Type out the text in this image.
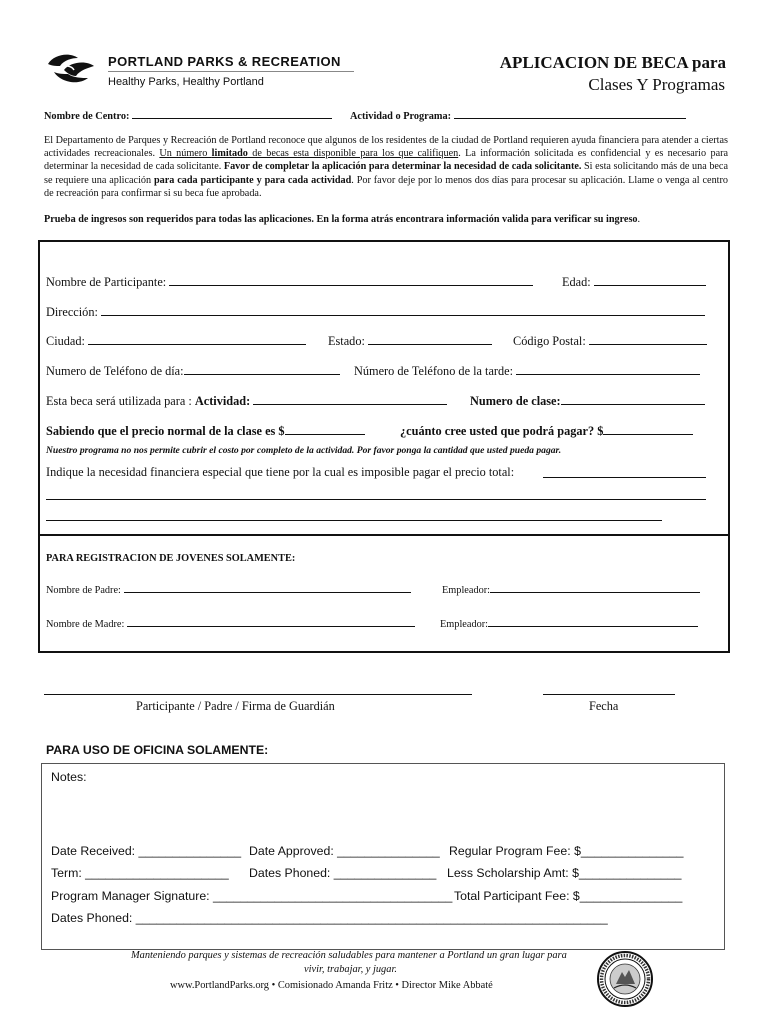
PORTLAND PARKS & RECREATION
Healthy Parks, Healthy Portland
APLICACION DE BECA para
Clases Y Programas
Nombre de Centro:	Actividad o Programa:
El Departamento de Parques y Recreación de Portland reconoce que algunos de los residentes de la ciudad de Portland requieren ayuda financiera para atender a ciertas actividades recreacionales. Un número limitado de becas esta disponible para los que califiquen. La información solicitada es confidencial y es necesario para determinar la necesidad de cada solicitante. Favor de completar la aplicación para determinar la necesidad de cada solicitante. Si esta solicitando más de una beca se requiere una aplicación para cada participante y para cada actividad. Por favor deje por lo menos dos días para procesar su aplicación. Llame o venga al centro de recreación para confirmar si su beca fue aprobada.
Prueba de ingresos son requeridos para todas las aplicaciones. En la forma atrás encontrara información valida para verificar su ingreso.
Nombre de Participante:	Edad:
Dirección:
Ciudad:	Estado:	Código Postal:
Numero de Teléfono de día:	Número de Teléfono de la tarde:
Esta beca será utilizada para : Actividad:	Numero de clase:
Sabiendo que el precio normal de la clase es $	¿cuánto cree usted que podrá pagar? $
Nuestro programa no nos permite cubrir el costo por completo de la actividad. Por favor ponga la cantidad que usted pueda pagar.
Indique la necesidad financiera especial que tiene por la cual es imposible pagar el precio total:
PARA REGISTRACION DE JOVENES SOLAMENTE:
Nombre de Padre:	Empleador:
Nombre de Madre:	Empleador:
Participante / Padre / Firma de Guardián	Fecha
PARA USO DE OFICINA SOLAMENTE:
Notes:
Date Received: _______________ Date Approved: _______________ Regular Program Fee: $_______________
Term: _____________________ Dates Phoned: _______________ Less Scholarship Amt: $_______________
Program Manager Signature: ___________________________________ Total Participant Fee: $_______________
Dates Phoned: _____________________________________________________________________
Manteniendo parques y sistemas de recreación saludables para mantener a Portland un gran lugar para
vivir, trabajar, y jugar.
www.PortlandParks.org • Comisionado Amanda Fritz • Director Mike Abbaté
